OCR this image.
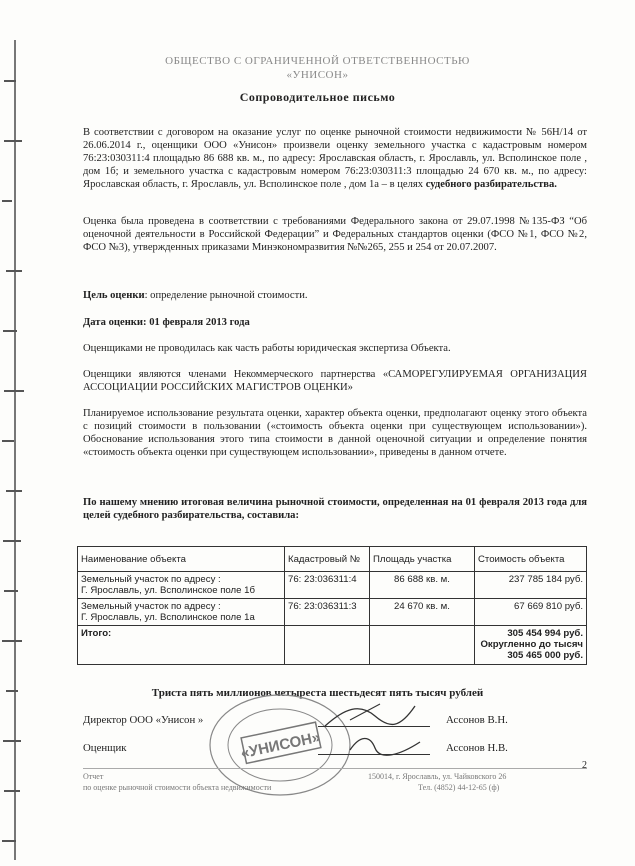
ОБЩЕСТВО С ОГРАНИЧЕННОЙ ОТВЕТСТВЕННОСТЬЮ
«УНИСОН»
Сопроводительное письмо
В соответствии с договором на оказание услуг по оценке рыночной стоимости недвижимости № 56Н/14 от 26.06.2014 г., оценщики ООО «Унисон» произвели оценку земельного участка с кадастровым номером 76:23:030311:4 площадью 86 688 кв. м., по адресу: Ярославская область, г. Ярославль, ул. Всполинское поле , дом 1б; и земельного участка с кадастровым номером 76:23:030311:3 площадью 24 670 кв. м., по адресу: Ярославская область, г. Ярославль, ул. Всполинское поле , дом 1а – в целях судебного разбирательства.
Оценка была проведена в соответствии с требованиями Федерального закона от 29.07.1998 №135-ФЗ “Об оценочной деятельности в Российской Федерации” и Федеральных стандартов оценки (ФСО №1, ФСО №2, ФСО №3), утвержденных приказами Минэкономразвития №№265, 255 и 254 от 20.07.2007.
Цель оценки: определение рыночной стоимости.
Дата оценки: 01 февраля 2013 года
Оценщиками не проводилась как часть работы юридическая экспертиза Объекта.
Оценщики являются членами Некоммерческого партнерства «САМОРЕГУЛИРУЕМАЯ ОРГАНИЗАЦИЯ АССОЦИАЦИИ РОССИЙСКИХ МАГИСТРОВ ОЦЕНКИ»
Планируемое использование результата оценки, характер объекта оценки, предполагают оценку этого объекта с позиций стоимости в пользовании («стоимость объекта оценки при существующем использовании»). Обоснование использования этого типа стоимости в данной оценочной ситуации и определение понятия «стоимость объекта оценки при существующем использовании», приведены в данном отчете.
По нашему мнению итоговая величина рыночной стоимости, определенная на 01 февраля 2013 года для целей судебного разбирательства, составила:
Наименование объекта	Кадастровый №	Площадь участка	Стоимость объекта

Земельный участок по адресу :
Г. Ярославль, ул. Всполинское поле 1б	76: 23:036311:4	86 688 кв. м.	237 785 184 руб.

Земельный участок по адресу :
Г. Ярославль, ул. Всполинское поле 1а	76: 23:036311:3	24 670 кв. м.	67 669 810 руб.
Итого:			305 454 994 руб.
Округленно до тысяч
305 465 000 руб.
Триста пять миллионов четыреста шестьдесят пять тысяч рублей
«УНИСОН»
Директор ООО «Унисон »	Ассонов В.Н.
Оценщик	Ассонов Н.В.
2
Отчет
по оценке рыночной стоимости объекта недвижимости
150014, г. Ярославль, ул. Чайковского 26
Тел. (4852) 44-12-65 (ф)
